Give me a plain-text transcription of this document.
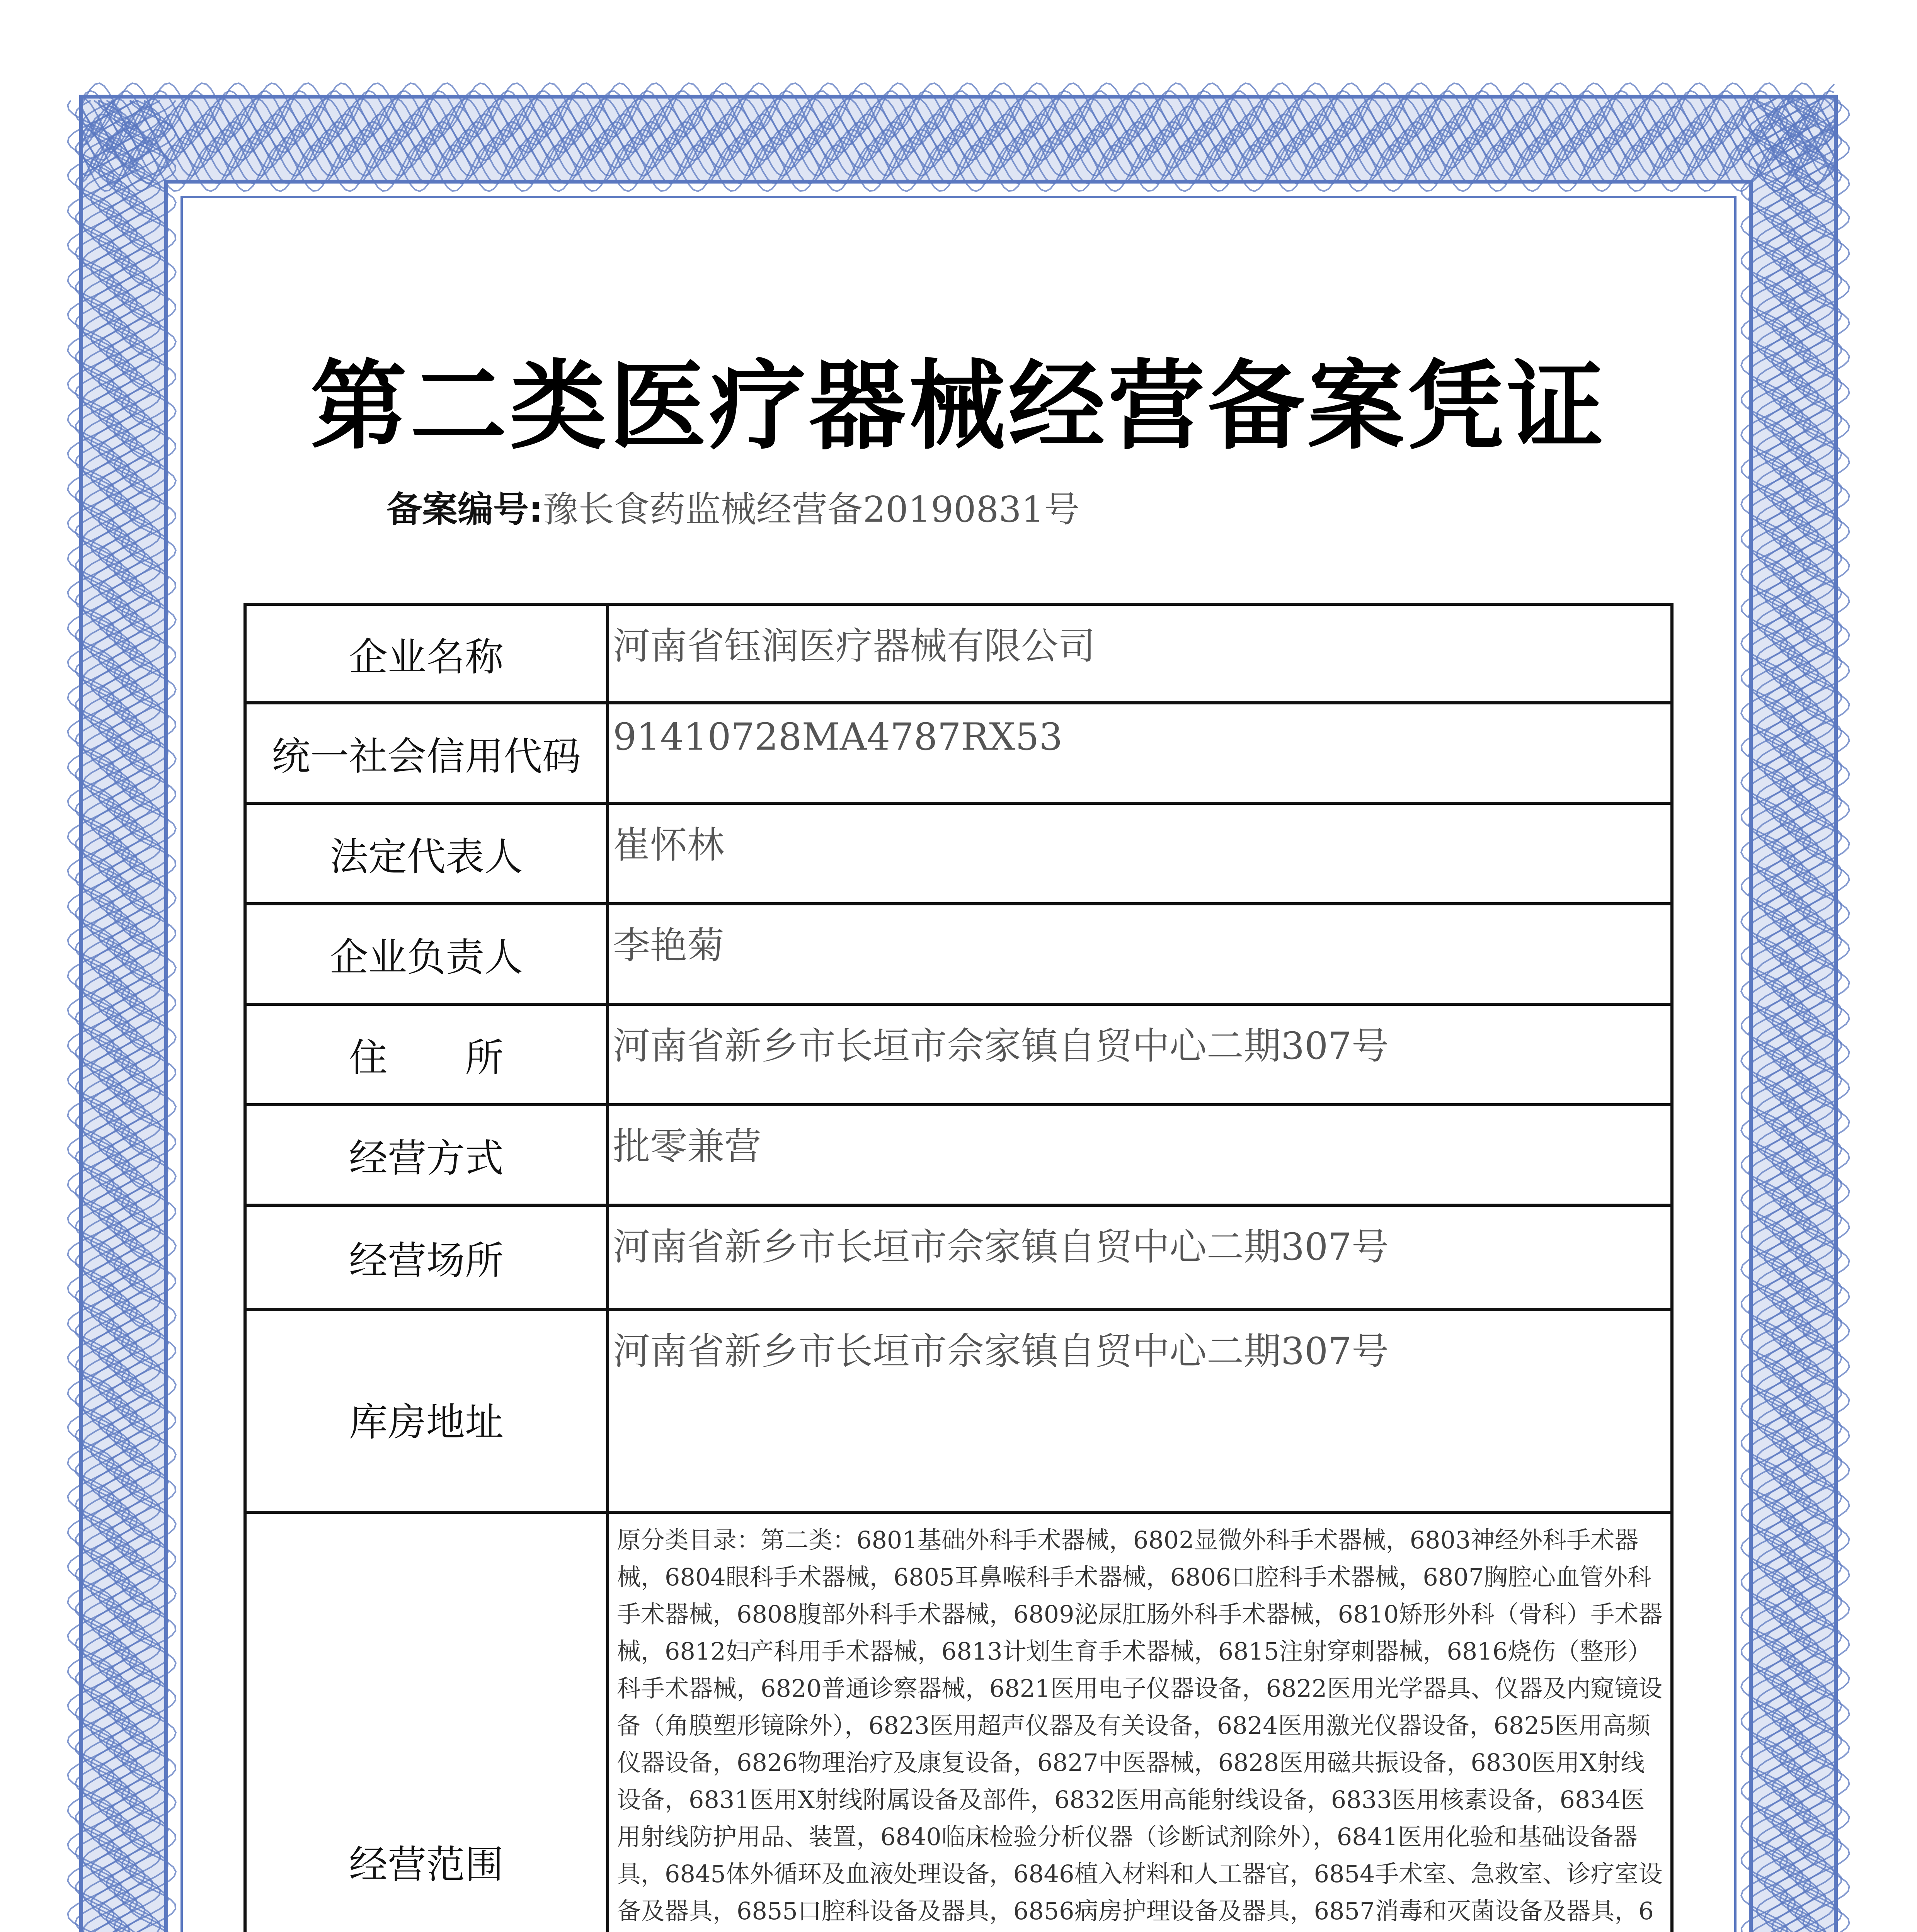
第二类医疗器械经营备案凭证
备案编号:豫长食药监械经营备20190831号
企业名称	河南省钰润医疗器械有限公司
统一社会信用代码	91410728MA4787RX53
法定代表人	崔怀林
企业负责人	李艳菊
住　　所	河南省新乡市长垣市佘家镇自贸中心二期307号
经营方式	批零兼营
经营场所	河南省新乡市长垣市佘家镇自贸中心二期307号
库房地址	河南省新乡市长垣市佘家镇自贸中心二期307号
经营范围	原分类目录：第二类：6801基础外科手术器械，6802显微外科手术器械，6803神经外科手术器械，6804眼科手术器械，6805耳鼻喉科手术器械，6806口腔科手术器械，6807胸腔心血管外科手术器械，6808腹部外科手术器械，6809泌尿肛肠外科手术器械，6810矫形外科（骨科）手术器械，6812妇产科用手术器械，6813计划生育手术器械，6815注射穿刺器械，6816烧伤（整形）科手术器械，6820普通诊察器械，6821医用电子仪器设备，6822医用光学器具、仪器及内窥镜设备（角膜塑形镜除外），6823医用超声仪器及有关设备，6824医用激光仪器设备，6825医用高频仪器设备，6826物理治疗及康复设备，6827中医器械，6828医用磁共振设备，6830医用X射线设备，6831医用X射线附属设备及部件，6832医用高能射线设备，6833医用核素设备，6834医用射线防护用品、装置，6840临床检验分析仪器（诊断试剂除外），6841医用化验和基础设备器具，6845体外循环及血液处理设备，6846植入材料和人工器官，6854手术室、急救室、诊疗室设备及器具，6855口腔科设备及器具，6856病房护理设备及器具，6857消毒和灭菌设备及器具，6
